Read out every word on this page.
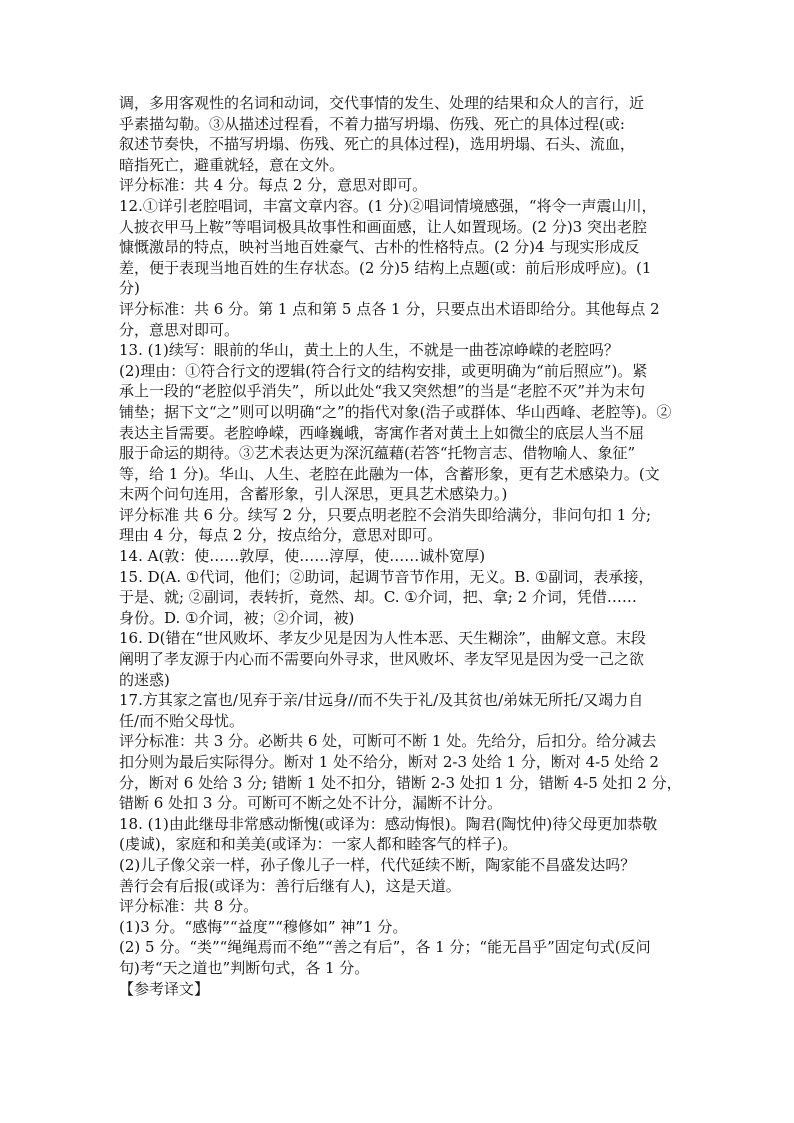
调，多用客观性的名词和动词，交代事情的发生、处理的结果和众人的言行，近
乎素描勾勒。③从描述过程看，不着力描写坍塌、伤残、死亡的具体过程(或:
叙述节奏快，不描写坍塌、伤残、死亡的具体过程)，选用坍塌、石头、流血，
暗指死亡，避重就轻，意在文外。
评分标准：共 4 分。每点 2 分，意思对即可。
12.①详引老腔唱词，丰富文章内容。(1 分)②唱词情境感强，“将令一声震山川，
人披衣甲马上鞍”等唱词极具故事性和画面感，让人如置现场。(2 分)3 突出老腔
慷慨激昂的特点，映衬当地百姓豪气、古朴的性格特点。(2 分)4 与现实形成反
差，便于表现当地百姓的生存状态。(2 分)5 结构上点题(或：前后形成呼应)。(1
分)
评分标准：共 6 分。第 1 点和第 5 点各 1 分，只要点出术语即给分。其他每点 2
分，意思对即可。
13. (1)续写：眼前的华山，黄土上的人生，不就是一曲苍凉峥嵘的老腔吗？
(2)理由：①符合行文的逻辑(符合行文的结构安排，或更明确为“前后照应”)。紧
承上一段的“老腔似乎消失”，所以此处“我又突然想”的当是“老腔不灭”并为末句
铺垫；据下文“之”则可以明确“之”的指代对象(浩子或群体、华山西峰、老腔等)。②
表达主旨需要。老腔峥嵘，西峰巍峨，寄寓作者对黄土上如微尘的底层人当不屈
服于命运的期待。③艺术表达更为深沉蕴藉(若答“托物言志、借物喻人、象征”
等，给 1 分)。华山、人生、老腔在此融为一体，含蓄形象，更有艺术感染力。(文
末两个问句连用，含蓄形象，引人深思，更具艺术感染力。)
评分标准 共 6 分。续写 2 分，只要点明老腔不会消失即给满分，非问句扣 1 分;
理由 4 分，每点 2 分，按点给分，意思对即可。
14. A(敦：使……敦厚，使……淳厚，使……诚朴宽厚)
15. D(A. ①代词，他们；②助词，起调节音节作用，无义。B. ①副词，表承接，
于是、就; ②副词，表转折，竟然、却。C. ①介词，把、拿; 2 介词，凭借……
身份。D. ①介词，被；②介词，被)
16. D(错在“世风败坏、孝友少见是因为人性本恶、天生糊涂”，曲解文意。末段
阐明了孝友源于内心而不需要向外寻求，世风败坏、孝友罕见是因为受一己之欲
的迷惑)
17.方其家之富也/见弃于亲/甘远身//而不失于礼/及其贫也/弟妹无所托/又竭力自
任/而不贻父母忧。
评分标准：共 3 分。必断共 6 处，可断可不断 1 处。先给分，后扣分。给分减去
扣分则为最后实际得分。断对 1 处不给分，断对 2-3 处给 1 分，断对 4-5 处给 2
分，断对 6 处给 3 分; 错断 1 处不扣分，错断 2-3 处扣 1 分，错断 4-5 处扣 2 分，
错断 6 处扣 3 分。可断可不断之处不计分，漏断不计分。
18. (1)由此继母非常感动惭愧(或译为：感动悔恨)。陶君(陶忱仲)待父母更加恭敬
(虔诚)，家庭和和美美(或译为：一家人都和睦客气的样子)。
(2)儿子像父亲一样，孙子像儿子一样，代代延续不断，陶家能不昌盛发达吗？
善行会有后报(或译为：善行后继有人)，这是天道。
评分标准：共 8 分。
(1)3 分。“感悔”“益度”“穆修如” 神”1 分。
(2) 5 分。“类”“绳绳焉而不绝”“善之有后”，各 1 分；“能无昌乎”固定句式(反问
句)考“天之道也”判断句式，各 1 分。
【参考译文】
